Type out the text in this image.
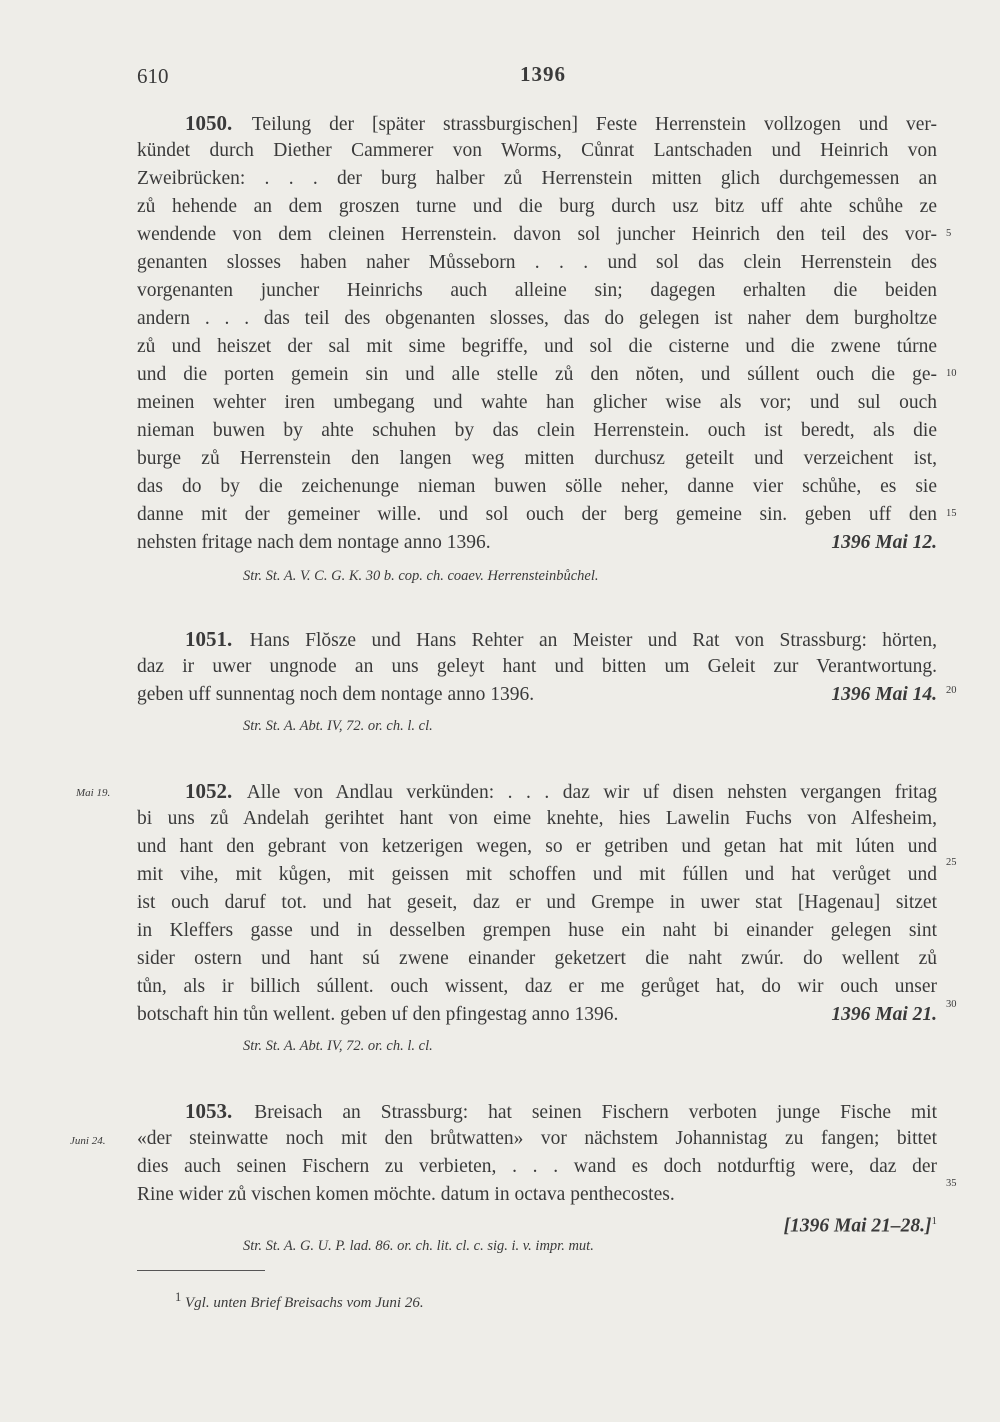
610	1396
1050. Teilung der [später strassburgischen] Feste Herrenstein vollzogen und ver-
kündet durch Diether Cammerer von Worms, Cůnrat Lantschaden und Heinrich von
Zweibrücken: . . . der burg halber zů Herrenstein mitten glich durchgemessen an
zů hehende an dem groszen turne und die burg durch usz bitz uff ahte schůhe ze
wendende von dem cleinen Herrenstein. davon sol juncher Heinrich den teil des vor-
genanten slosses haben naher Můsseborn . . . und sol das clein Herrenstein des
vorgenanten juncher Heinrichs auch alleine sin; dagegen erhalten die beiden
andern . . . das teil des obgenanten slosses, das do gelegen ist naher dem burgholtze
zů und heiszet der sal mit sime begriffe, und sol die cisterne und die zwene túrne
und die porten gemein sin und alle stelle zů den nŏten, und súllent ouch die ge-
meinen wehter iren umbegang und wahte han glicher wise als vor; und sul ouch
nieman buwen by ahte schuhen by das clein Herrenstein. ouch ist beredt, als die
burge zů Herrenstein den langen weg mitten durchusz geteilt und verzeichent ist,
das do by die zeichenunge nieman buwen sölle neher, danne vier schůhe, es sie
danne mit der gemeiner wille. und sol ouch der berg gemeine sin. geben uff den
nehsten fritage nach dem nontage anno 1396.	1396 Mai 12.
Str. St. A. V. C. G. K. 30 b. cop. ch. coaev. Herrensteinbůchel.
1051. Hans Flŏsze und Hans Rehter an Meister und Rat von Strassburg: hörten,
daz ir uwer ungnode an uns geleyt hant und bitten um Geleit zur Verantwortung.
geben uff sunnentag noch dem nontage anno 1396.	1396 Mai 14.
Str. St. A. Abt. IV, 72. or. ch. l. cl.
Mai 19.	1052. Alle von Andlau verkünden: . . . daz wir uf disen nehsten vergangen fritag
bi uns zů Andelah gerihtet hant von eime knehte, hies Lawelin Fuchs von Alfesheim,
und hant den gebrant von ketzerigen wegen, so er getriben und getan hat mit lúten und
mit vihe, mit kůgen, mit geissen mit schoffen und mit fúllen und hat verůget und
ist ouch daruf tot. und hat geseit, daz er und Grempe in uwer stat [Hagenau] sitzet
in Kleffers gasse und in desselben grempen huse ein naht bi einander gelegen sint
sider ostern und hant sú zwene einander geketzert die naht zwúr. do wellent zů
tůn, als ir billich súllent. ouch wissent, daz er me gerůget hat, do wir ouch unser
botschaft hin tůn wellent. geben uf den pfingestag anno 1396.	1396 Mai 21.
Str. St. A. Abt. IV, 72. or. ch. l. cl.
1053. Breisach an Strassburg: hat seinen Fischern verboten junge Fische mit
Juni 24. «der steinwatte noch mit den brůtwatten» vor nächstem Johannistag zu fangen; bittet
dies auch seinen Fischern zu verbieten, . . . wand es doch notdurftig were, daz der
Rine wider zů vischen komen möchte. datum in octava penthecostes.
[1396 Mai 21–28.]$^1$
Str. St. A. G. U. P. lad. 86. or. ch. lit. cl. c. sig. i. v. impr. mut.
5
10
15
20
25
30
35
$^1$ Vgl. unten Brief Breisachs vom Juni 26.
